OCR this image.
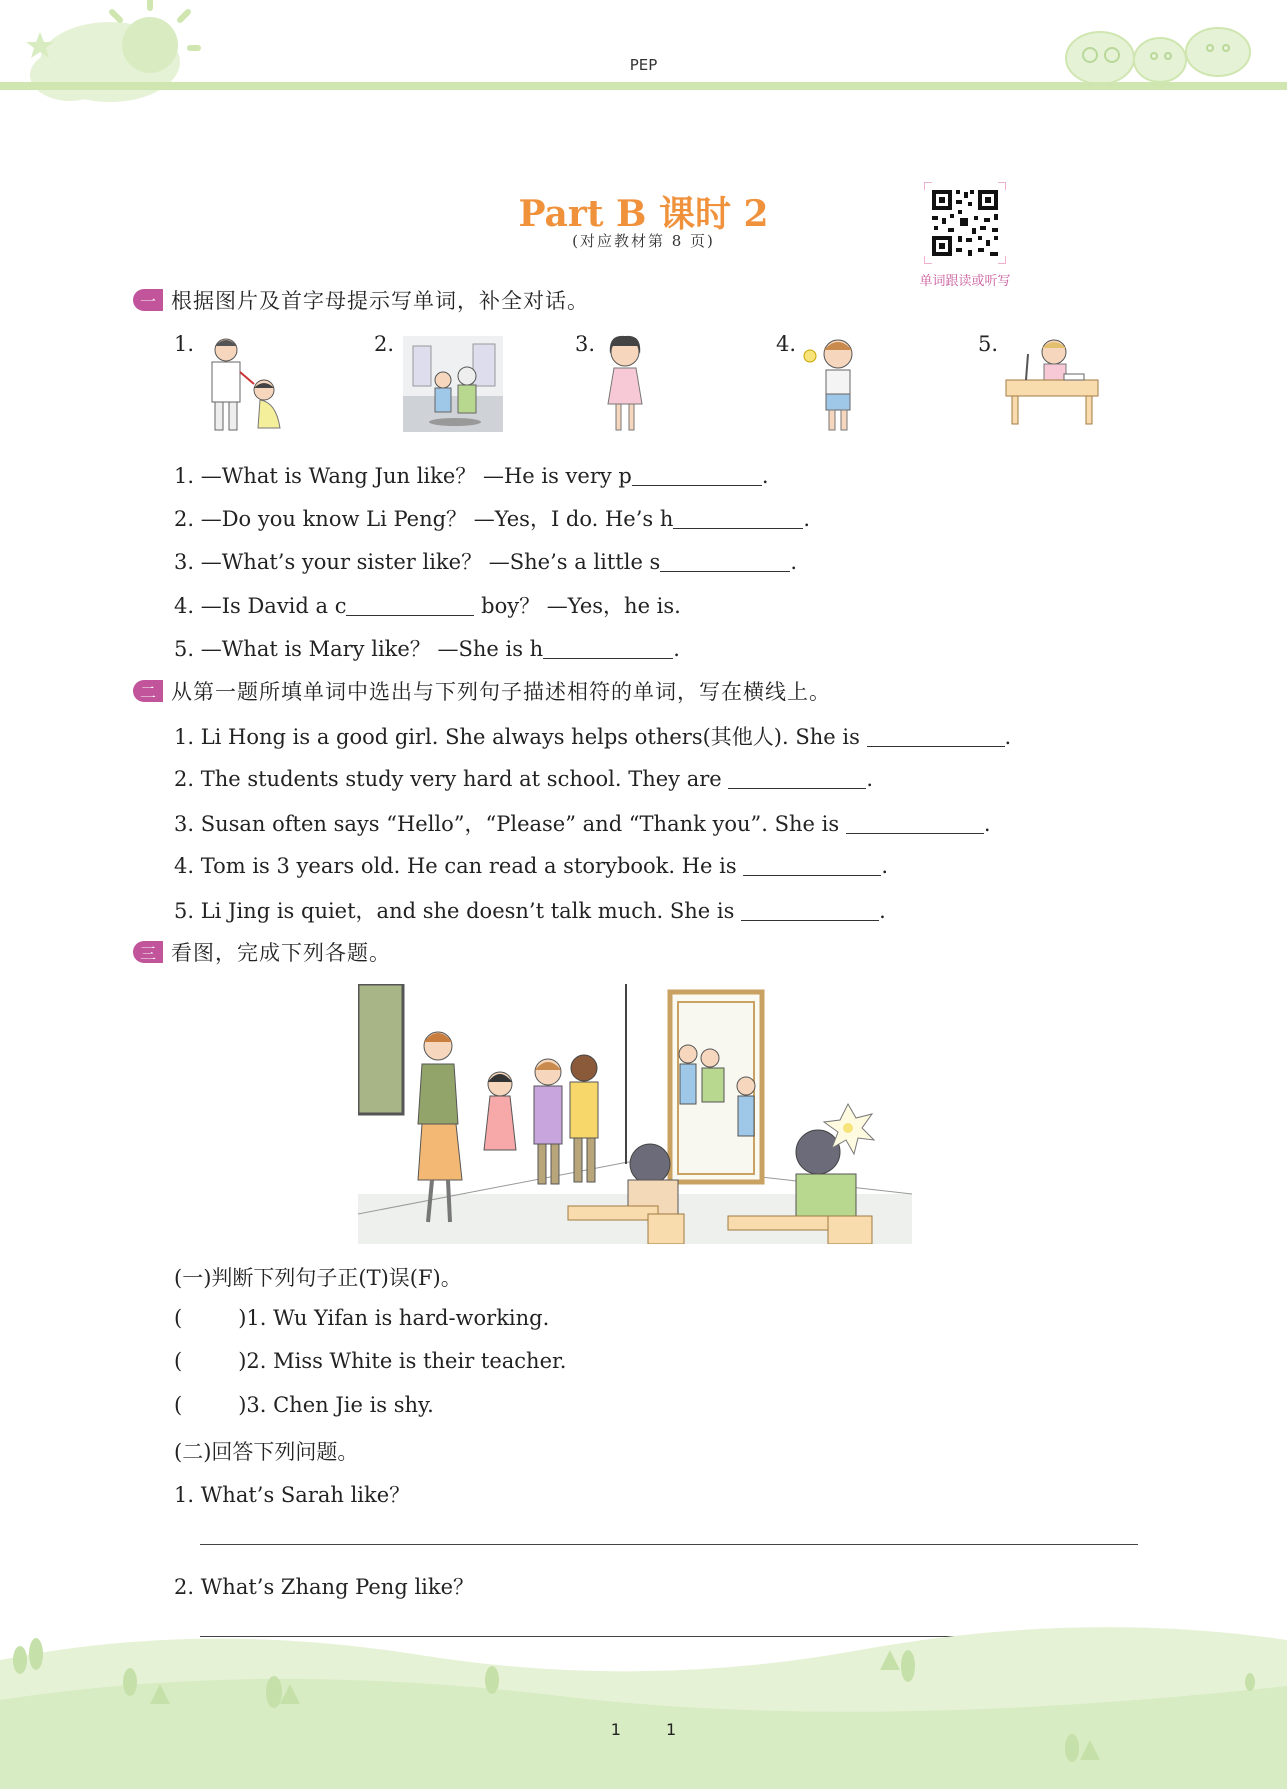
PEP
Part B 课时 2
(对应教材第 8 页)
单词跟读或听写
一 根据图片及首字母提示写单词，补全对话。
1.	2.	3.	4.	5.
1. —What is Wang Jun like？ —He is very p	.
2. —Do you know Li Peng？ —Yes，I do. He’s h	.
3. —What’s your sister like？ —She’s a little s	.
4. —Is David a c	boy？ —Yes，he is.
5. —What is Mary like？ —She is h	.
二 从第一题所填单词中选出与下列句子描述相符的单词，写在横线上。
1. Li Hong is a good girl. She always helps others(其他人). She is	.
2. The students study very hard at school. They are	.
3. Susan often says “Hello”，“Please” and “Thank you”. She is	.
4. Tom is 3 years old. He can read a storybook. He is	.
5. Li Jing is quiet，and she doesn’t talk much. She is	.
三 看图，完成下列各题。
(一)判断下列句子正(T)误(F)。
(	)1. Wu Yifan is hard-working.
(	)2. Miss White is their teacher.
(	)3. Chen Jie is shy.
(二)回答下列问题。
1. What’s Sarah like？
2. What’s Zhang Peng like？
1 1
